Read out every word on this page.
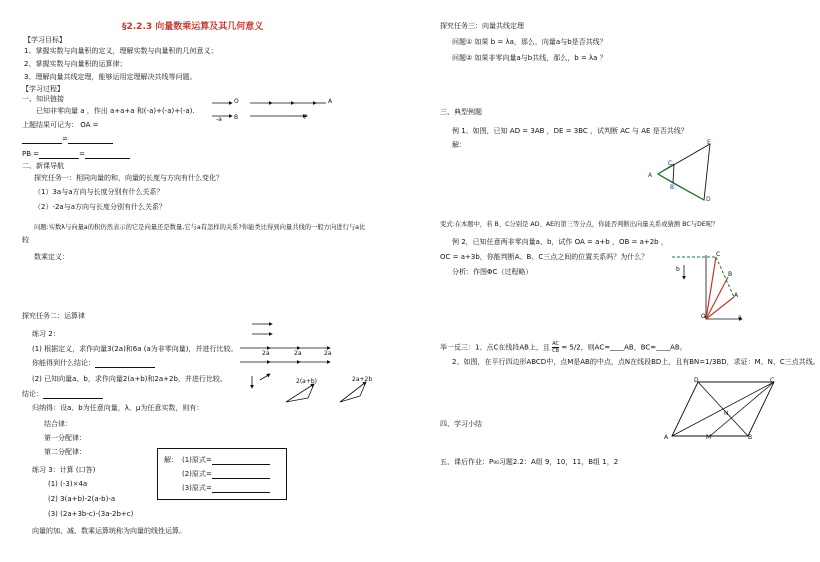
§2.2.3 向量数乘运算及其几何意义
【学习目标】
1、掌握实数与向量积的定义，理解实数与向量积的几何意义；
2、掌握实数与向量积的运算律；
3、理解向量共线定理，能够运用定理解决共线等问题。
【学习过程】
一、知识链接
已知非零向量 a ，作出 a+a+a 和(-a)+(-a)+(-a).
上题结果可记为： OA =
=
PB =	=
O	A
B	P
-a
二、新课导航
探究任务一：相同向量的和，向量的长度与方向有什么变化？
（1）3a与a方向与长度分别有什么关系？
（2）-2a与a方向与长度分别有什么关系？
问题:实数λ与向量a的积仍然表示的它是向量还是数量,它与a有怎样的关系?你能类比得到向量共线的一般方向进行与a比
较
数乘定义：
探究任务二：运算律
练习 2：
(1) 根据定义，求作向量3(2a)和6a (a为非零向量)，并进行比较。
你能得到什么结论：
(2) 已知向量a、b，求作向量2(a+b)和2a+2b，并进行比较。
结论：
归纳得：设a、b为任意向量，λ、μ为任意实数，则有：
结合律：
第一分配律：
第二分配律：
练习 3：计算 (口答)
(1) (-3)×4a
(2) 3(a+b)-2(a-b)-a
(3) (2a+3b-c)-(3a-2b+c)
向量的加、减、数乘运算统称为向量的线性运算。
解： (1)原式=
(2)原式=
(3)原式=
2a	2a	2a
2(a+b)	2a+2b
探究任务三：向量共线定理
问题① 如果 b = λa，那么，向量a与b是否共线？
问题② 如果非零向量a与b共线，那么，b = λa ？
三、典型例题
例 1、如图，已知 AD = 3AB ，DE = 3BC ，试判断 AC 与 AE 是否共线？
解：
A
C
B
E
D
变式:在本题中，若 B、C分别是 AD、AE的第三等分点，你能否判断出向量关系或猜测 BC与DE呢？
例 2，已知任意两非零向量a、b，试作 OA = a+b ，OB = a+2b ，
OC = a+3b，你能判断A、B、C三点之间的位置关系吗？为什么？
分析：作图ΦC（过程略）
O
A
B
C
a
b
举一反三：1、点C在线段AB上，且 $\frac{AC}{CB} = 5/2$，则AC=____AB，BC=____AB。
2、如图，在平行四边形ABCD中，点M是AB的中点，点N在线段BD上，且有BN=1/3BD，求证：M、N、C三点共线。
A	M	B
D	C
N
四、学习小结
五、课后作业：P₉₀习题2.2：A组 9，10，11，B组 1，2
